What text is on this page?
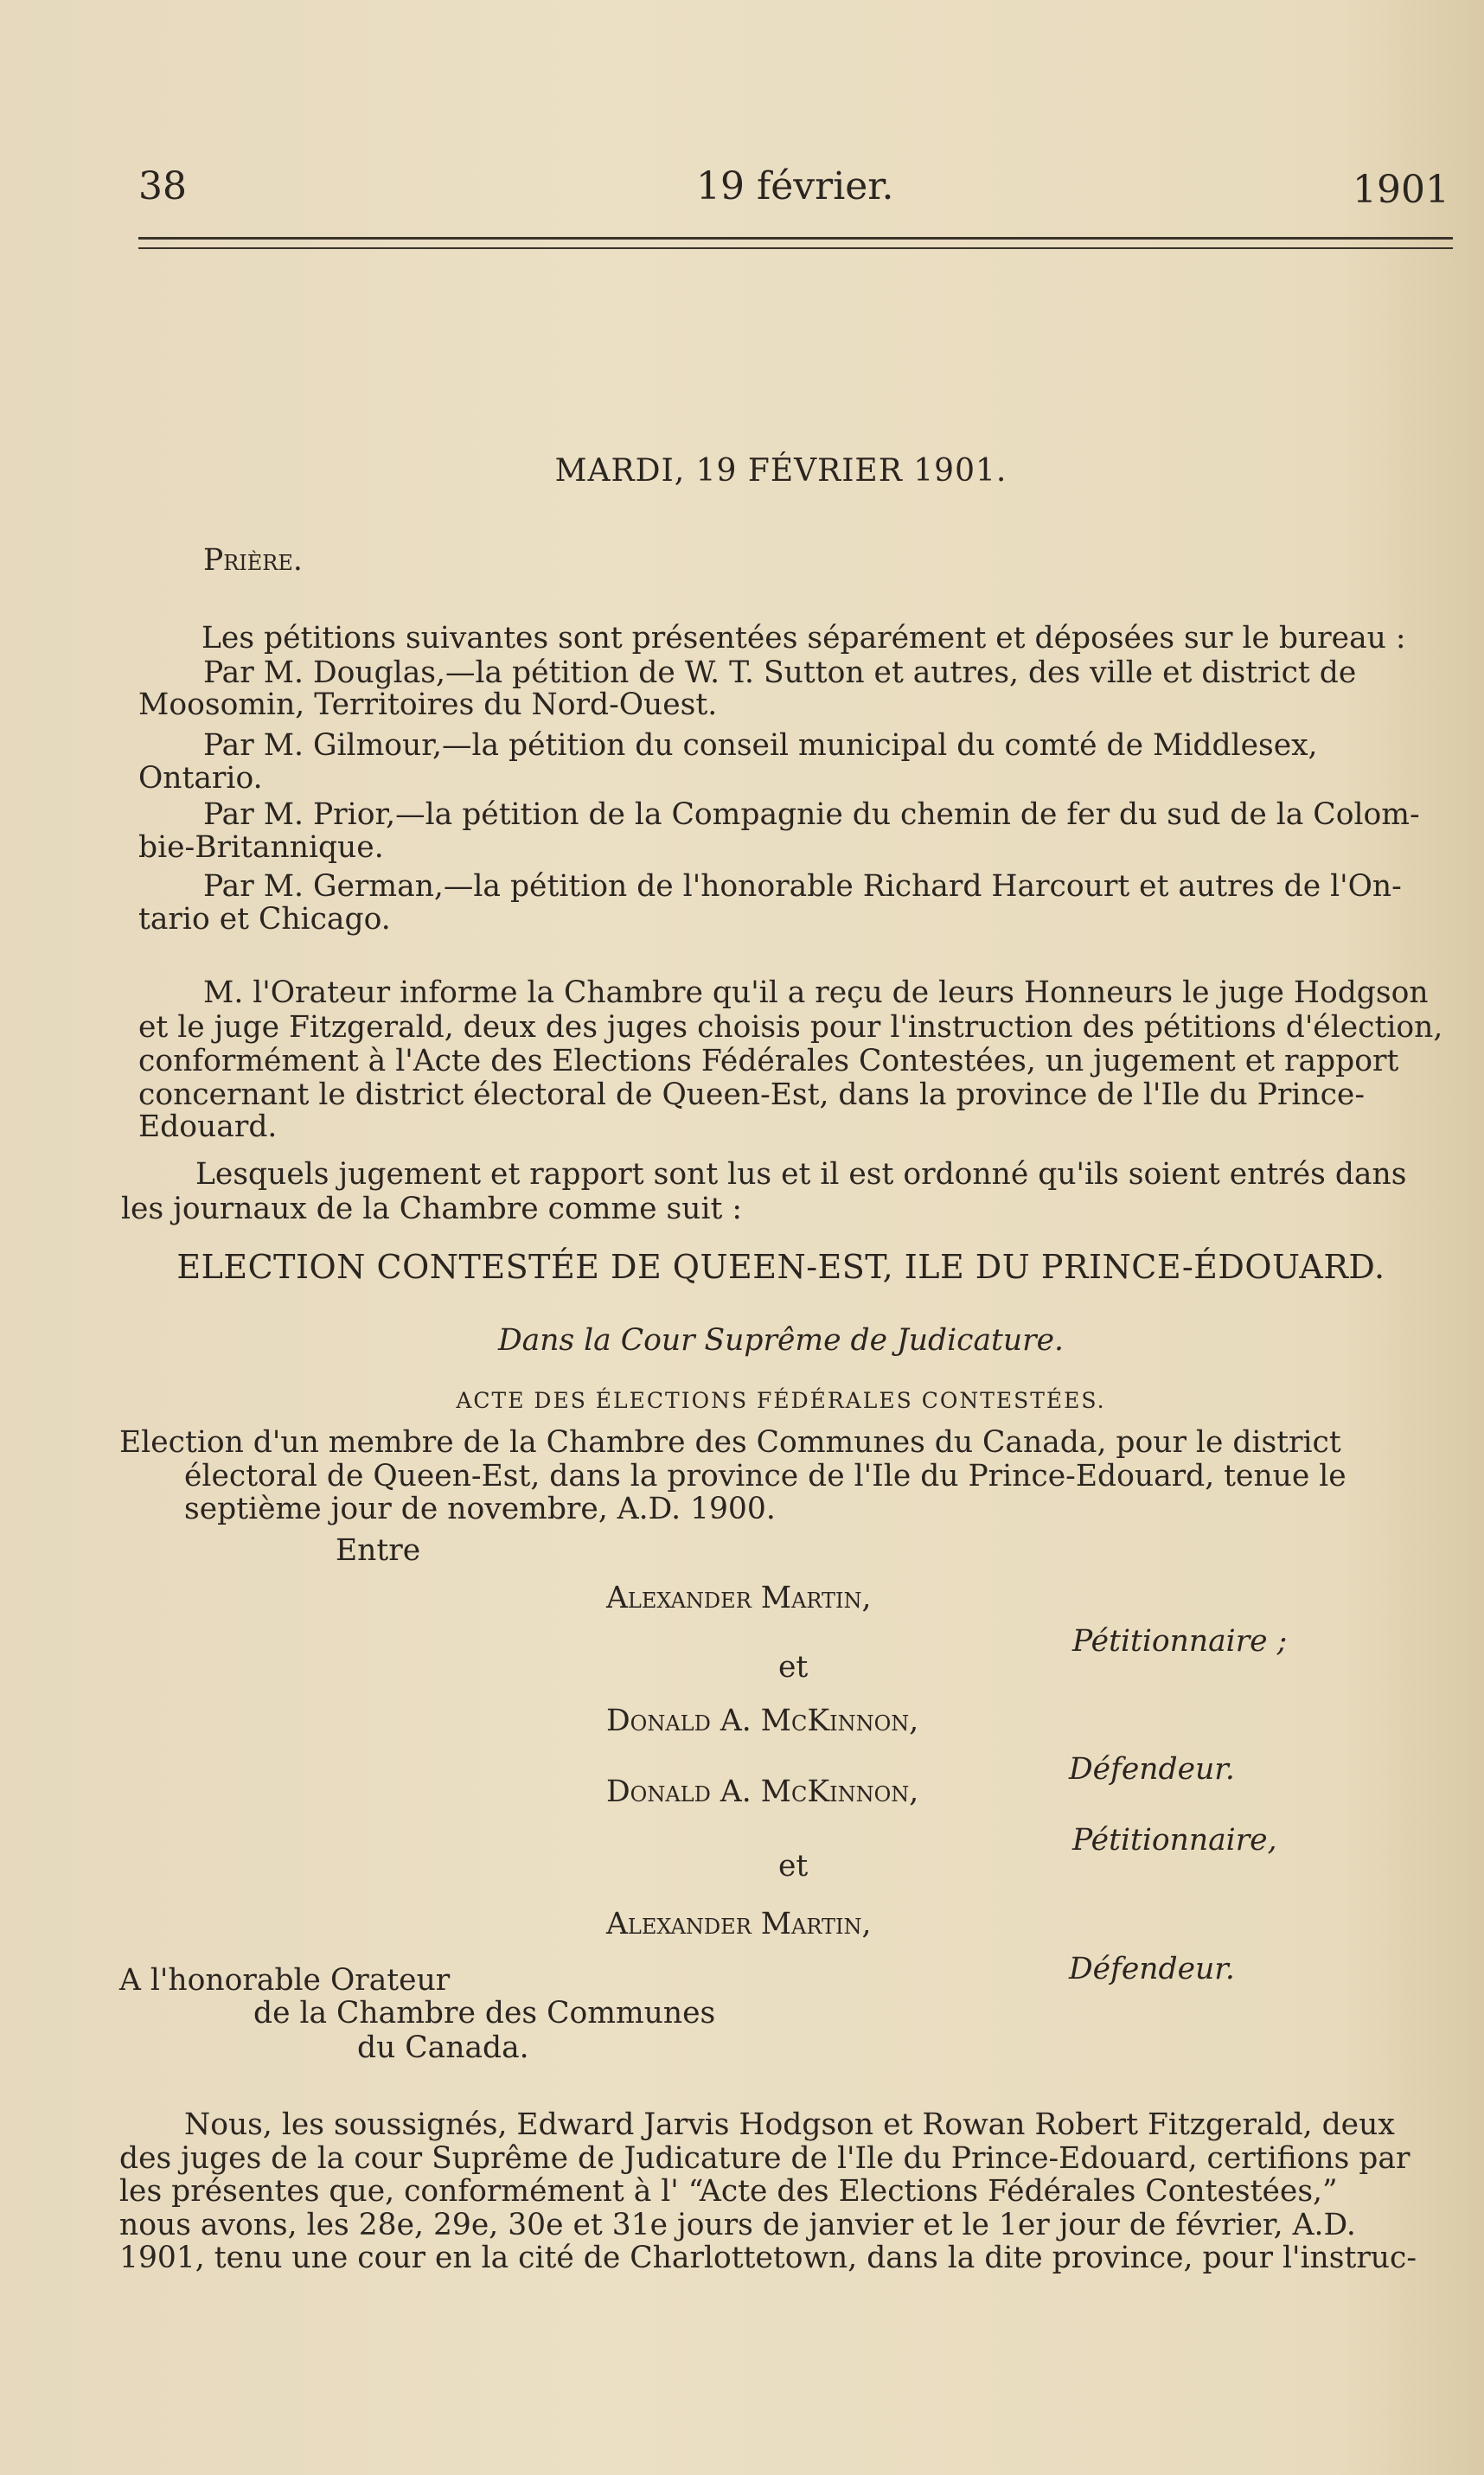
38	19 février.	1901
MARDI, 19 FÉVRIER 1901.
Prière.
Les pétitions suivantes sont présentées séparément et déposées sur le bureau :
Par M. Douglas,—la pétition de W. T. Sutton et autres, des ville et district de
Moosomin, Territoires du Nord-Ouest.
Par M. Gilmour,—la pétition du conseil municipal du comté de Middlesex,
Ontario.
Par M. Prior,—la pétition de la Compagnie du chemin de fer du sud de la Colom-
bie-Britannique.
Par M. German,—la pétition de l'honorable Richard Harcourt et autres de l'On-
tario et Chicago.
M. l'Orateur informe la Chambre qu'il a reçu de leurs Honneurs le juge Hodgson
et le juge Fitzgerald, deux des juges choisis pour l'instruction des pétitions d'élection,
conformément à l'Acte des Elections Fédérales Contestées, un jugement et rapport
concernant le district électoral de Queen-Est, dans la province de l'Ile du Prince-
Edouard.
Lesquels jugement et rapport sont lus et il est ordonné qu'ils soient entrés dans
les journaux de la Chambre comme suit :
ELECTION CONTESTÉE DE QUEEN-EST, ILE DU PRINCE-ÉDOUARD.
Dans la Cour Suprême de Judicature.
ACTE DES ÉLECTIONS FÉDÉRALES CONTESTÉES.
Election d'un membre de la Chambre des Communes du Canada, pour le district
électoral de Queen-Est, dans la province de l'Ile du Prince-Edouard, tenue le
septième jour de novembre, A.D. 1900.
Entre
Alexander Martin,
Pétitionnaire ;
et
Donald A. McKinnon,
Défendeur.
Donald A. McKinnon,
Pétitionnaire,
et
Alexander Martin,
Défendeur.
A l'honorable Orateur
de la Chambre des Communes
du Canada.
Nous, les soussignés, Edward Jarvis Hodgson et Rowan Robert Fitzgerald, deux
des juges de la cour Suprême de Judicature de l'Ile du Prince-Edouard, certifions par
les présentes que, conformément à l' “Acte des Elections Fédérales Contestées,”
nous avons, les 28e, 29e, 30e et 31e jours de janvier et le 1er jour de février, A.D.
1901, tenu une cour en la cité de Charlottetown, dans la dite province, pour l'instruc-
